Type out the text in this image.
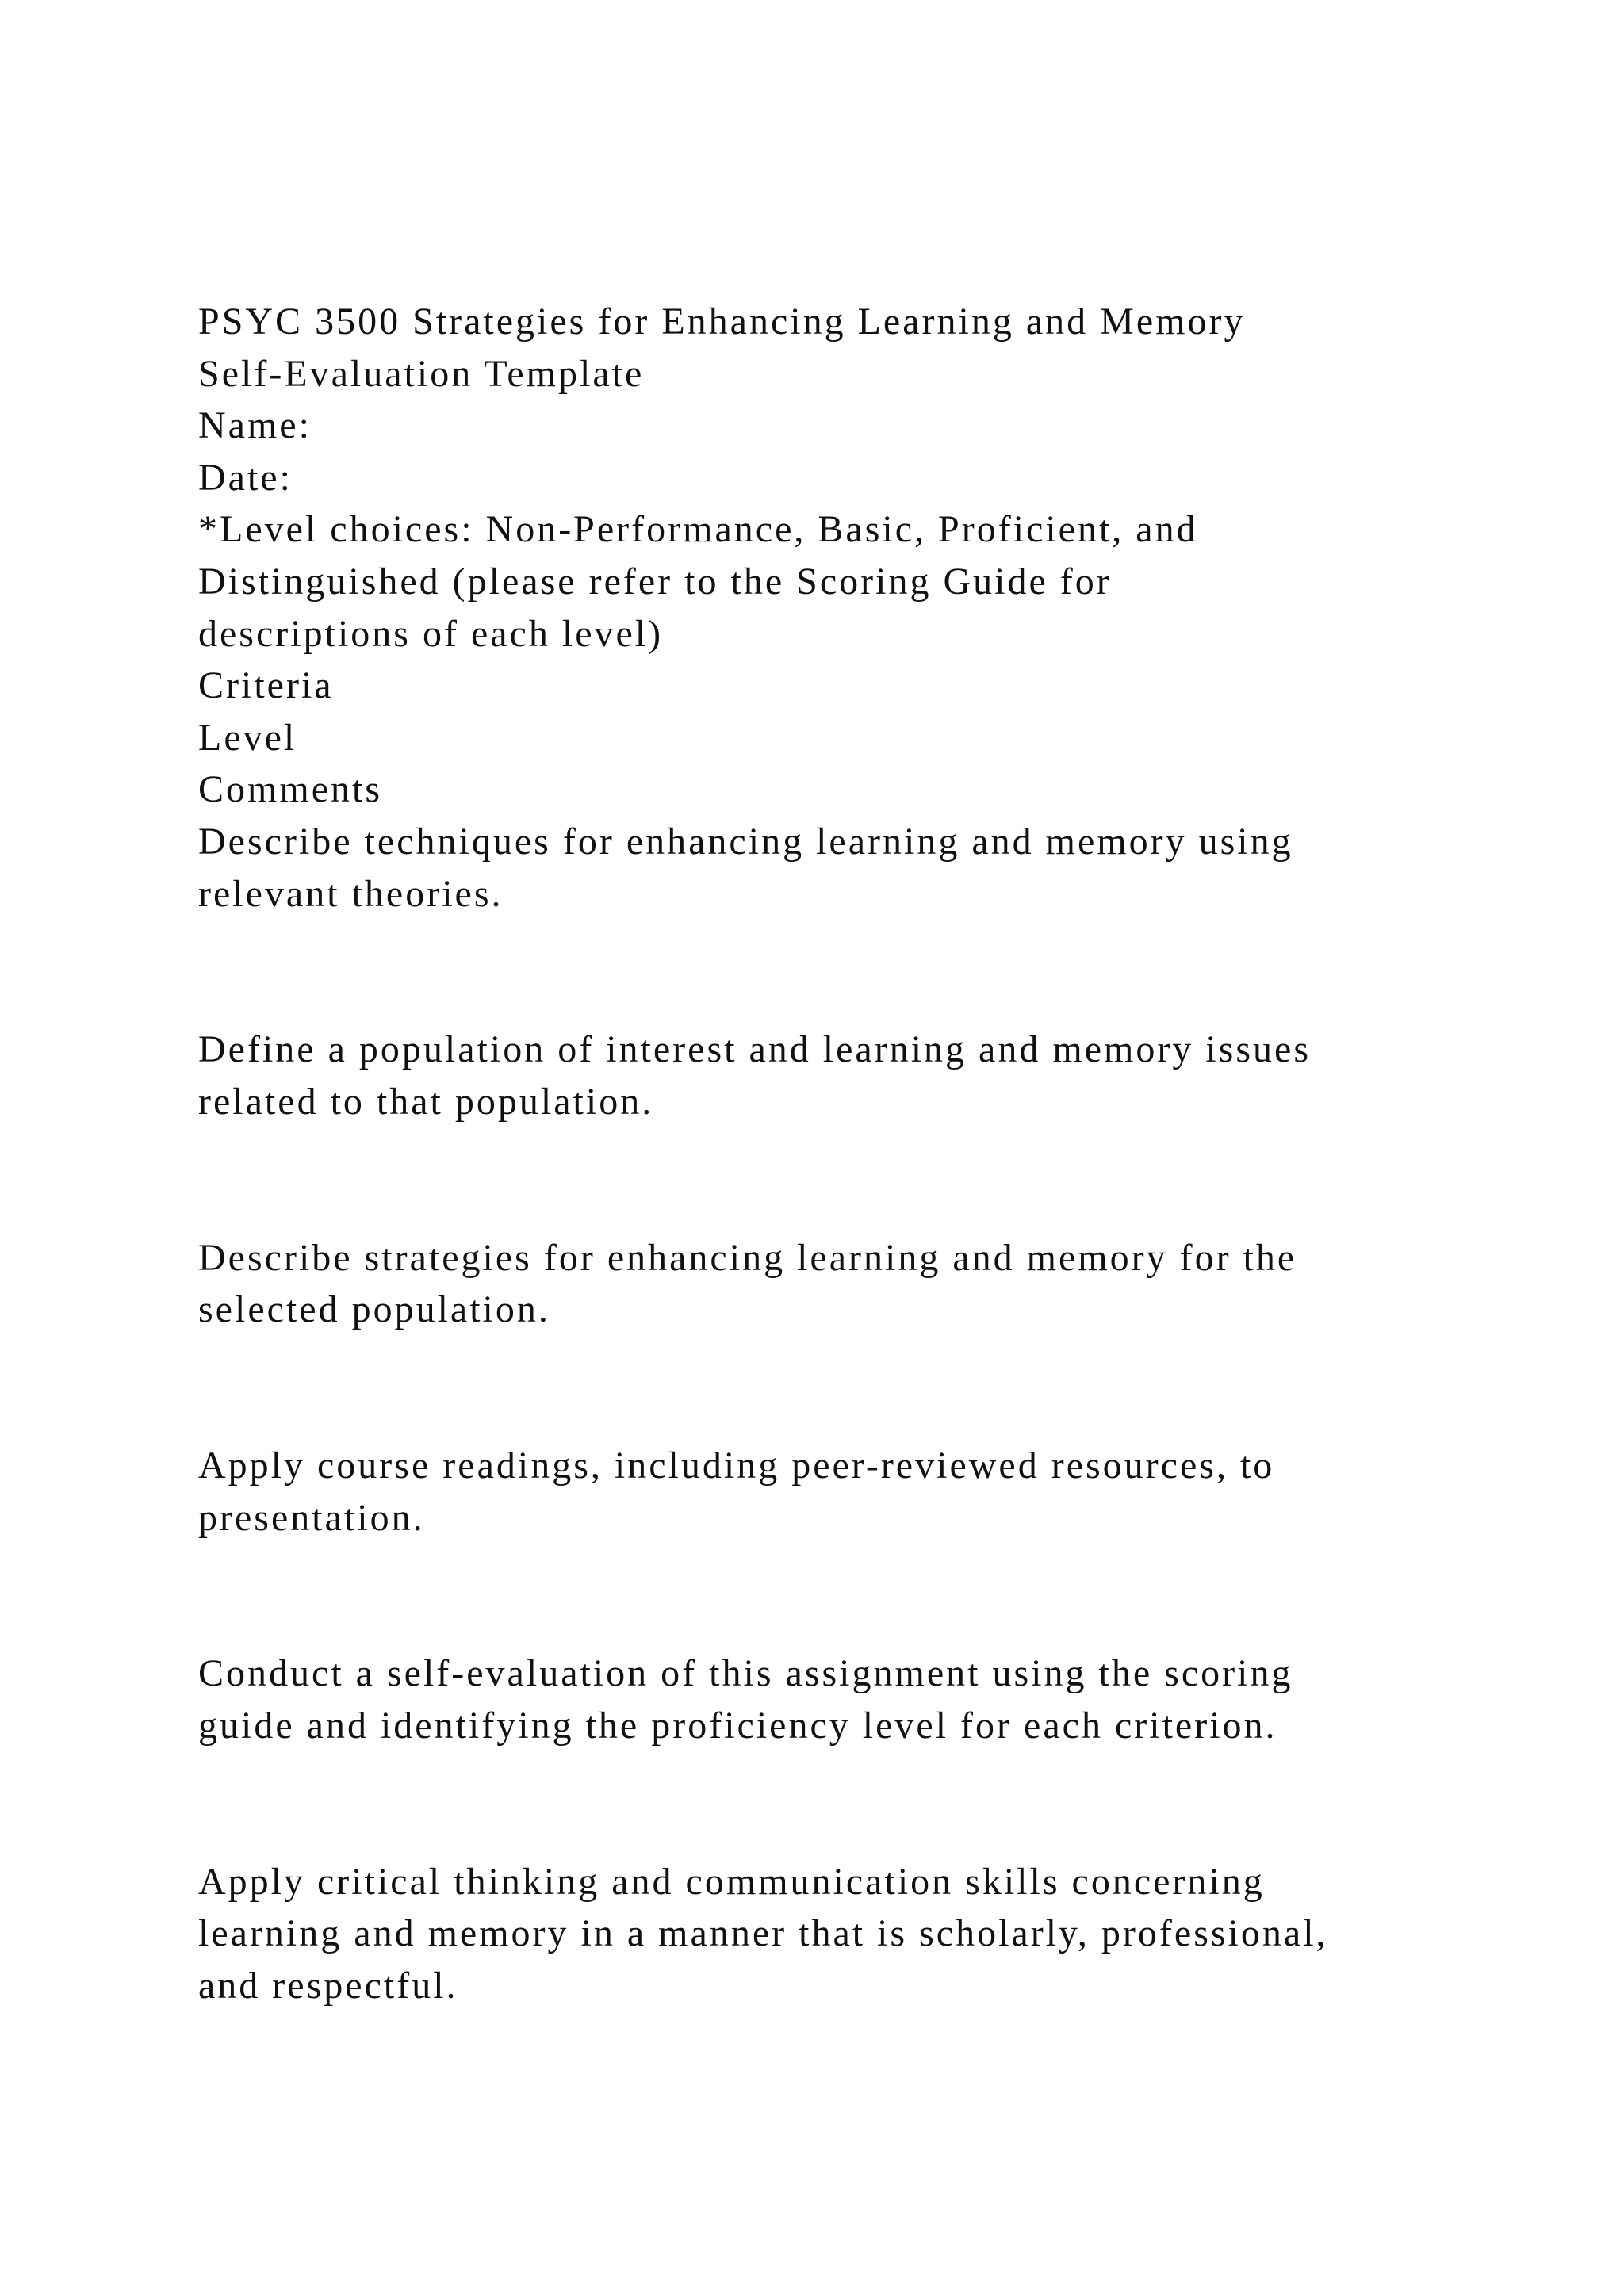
PSYC 3500 Strategies for Enhancing Learning and Memory
Self-Evaluation Template
Name:
Date:
*Level choices: Non-Performance, Basic, Proficient, and
Distinguished (please refer to the Scoring Guide for
descriptions of each level)
Criteria
Level
Comments
Describe techniques for enhancing learning and memory using
relevant theories.
Define a population of interest and learning and memory issues
related to that population.
Describe strategies for enhancing learning and memory for the
selected population.
Apply course readings, including peer-reviewed resources, to
presentation.
Conduct a self-evaluation of this assignment using the scoring
guide and identifying the proficiency level for each criterion.
Apply critical thinking and communication skills concerning
learning and memory in a manner that is scholarly, professional,
and respectful.
